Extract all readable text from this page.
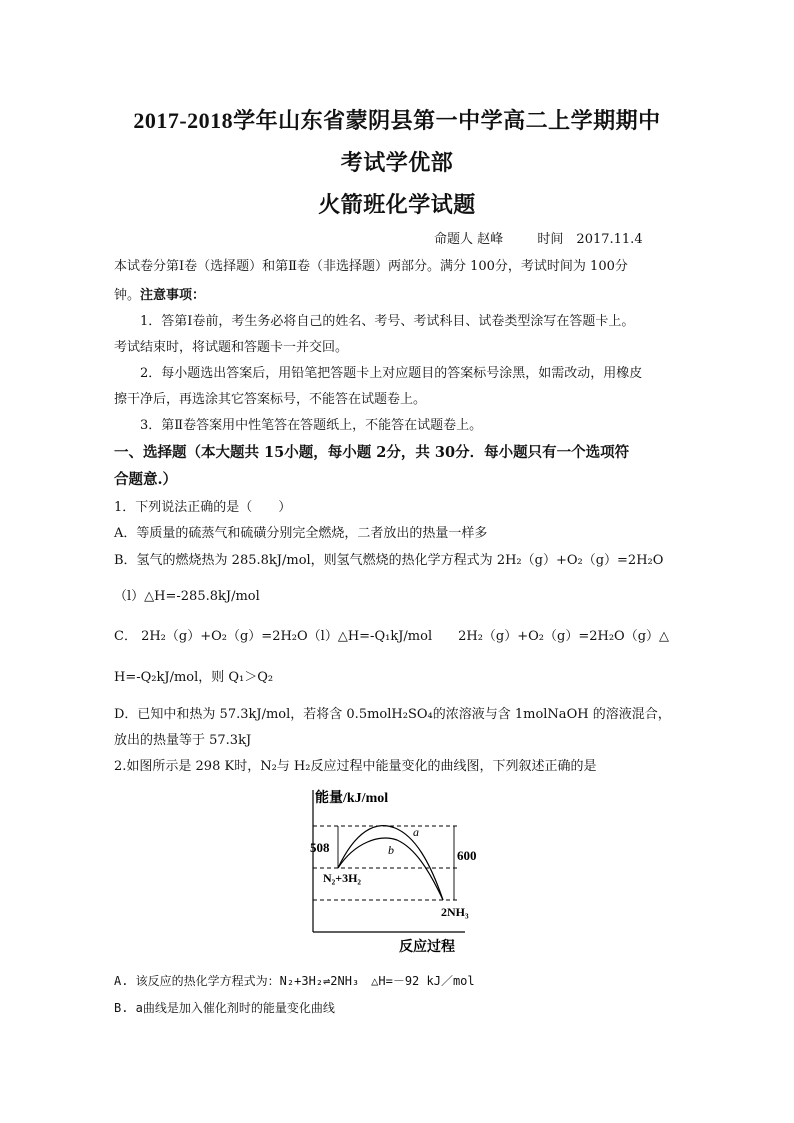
2017-2018学年山东省蒙阴县第一中学高二上学期期中
考试学优部
火箭班化学试题
命题人 赵峰	时间　2017.11.4
本试卷分第Ⅰ卷（选择题）和第Ⅱ卷（非选择题）两部分。满分 100分，考试时间为 100分
钟。注意事项：
1．答第Ⅰ卷前，考生务必将自己的姓名、考号、考试科目、试卷类型涂写在答题卡上。
考试结束时，将试题和答题卡一并交回。
2．每小题选出答案后，用铅笔把答题卡上对应题目的答案标号涂黑，如需改动，用橡皮
擦干净后，再选涂其它答案标号，不能答在试题卷上。
3．第Ⅱ卷答案用中性笔答在答题纸上，不能答在试题卷上。
一、选择题（本大题共 15小题，每小题 2分，共 30分．每小题只有一个选项符
合题意.）
1．下列说法正确的是（　　）
A．等质量的硫蒸气和硫磺分别完全燃烧，二者放出的热量一样多
B．氢气的燃烧热为 285.8kJ/mol，则氢气燃烧的热化学方程式为 2H₂（g）+O₂（g）=2H₂O
（l）△H=-285.8kJ/mol
C． 2H₂（g）+O₂（g）=2H₂O（l）△H=-Q₁kJ/mol　　2H₂（g）+O₂（g）=2H₂O（g）△
H=-Q₂kJ/mol，则 Q₁＞Q₂
D．已知中和热为 57.3kJ/mol，若将含 0.5molH₂SO₄的浓溶液与含 1molNaOH 的溶液混合，
放出的热量等于 57.3kJ
2.如图所示是 298 K时，N₂与 H₂反应过程中能量变化的曲线图，下列叙述正确的是
能量/kJ/mol
a
b
508
600
N₂+3H₂
2NH₃
反应过程
A. 该反应的热化学方程式为：N₂+3H₂⇌2NH₃　△H=－92 kJ／mol
B. a曲线是加入催化剂时的能量变化曲线
